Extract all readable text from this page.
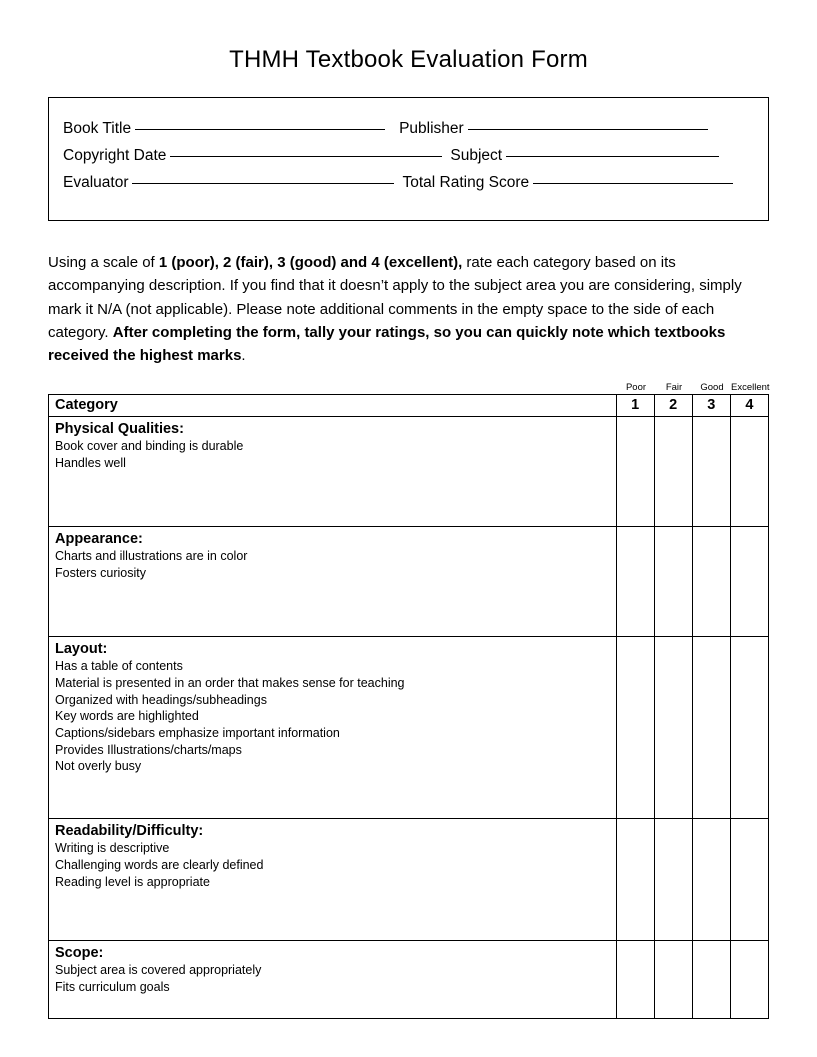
THMH Textbook Evaluation Form
Book Title	Publisher
Copyright Date	Subject
Evaluator	Total Rating Score

Using a scale of 1 (poor), 2 (fair), 3 (good) and 4 (excellent), rate each category based on its accompanying description. If you find that it doesn’t apply to the subject area you are considering, simply mark it N/A (not applicable). Please note additional comments in the empty space to the side of each category. After completing the form, tally your ratings, so you can quickly note which textbooks received the highest marks.

Poor	Fair	Good Excellent
Category	1	2	3	4

Physical Qualities:
Book cover and binding is durable
Handles well				

Appearance:
Charts and illustrations are in color
Fosters curiosity				

Layout:
Has a table of contents
Material is presented in an order that makes sense for teaching
Organized with headings/subheadings
Key words are highlighted
Captions/sidebars emphasize important information
Provides Illustrations/charts/maps
Not overly busy

Readability/Difficulty:
Writing is descriptive
Challenging words are clearly defined
Reading level is appropriate				

Scope:
Subject area is covered appropriately
Fits curriculum goals				
